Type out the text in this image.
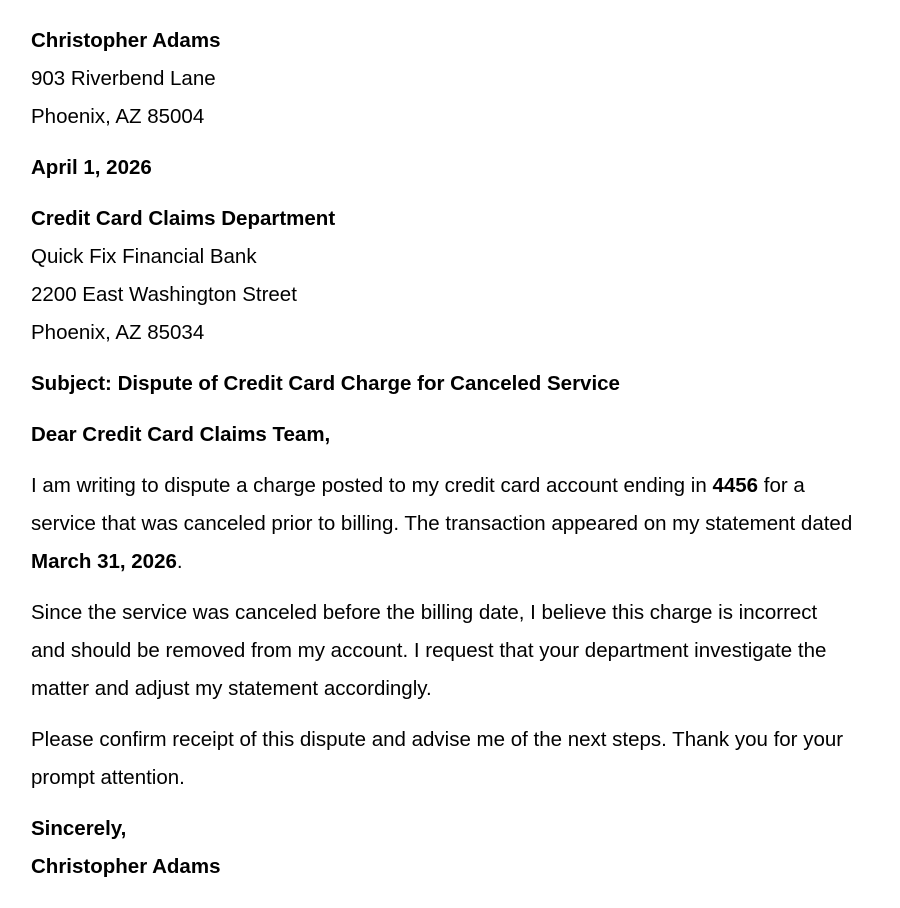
Christopher Adams
903 Riverbend Lane
Phoenix, AZ 85004
April 1, 2026
Credit Card Claims Department
Quick Fix Financial Bank
2200 East Washington Street
Phoenix, AZ 85034
Subject: Dispute of Credit Card Charge for Canceled Service
Dear Credit Card Claims Team,

I am writing to dispute a charge posted to my credit card account ending in 4456 for a service that was canceled prior to billing. The transaction appeared on my statement dated March 31, 2026.

Since the service was canceled before the billing date, I believe this charge is incorrect and should be removed from my account. I request that your department investigate the matter and adjust my statement accordingly.

Please confirm receipt of this dispute and advise me of the next steps. Thank you for your prompt attention.

Sincerely,
Christopher Adams
